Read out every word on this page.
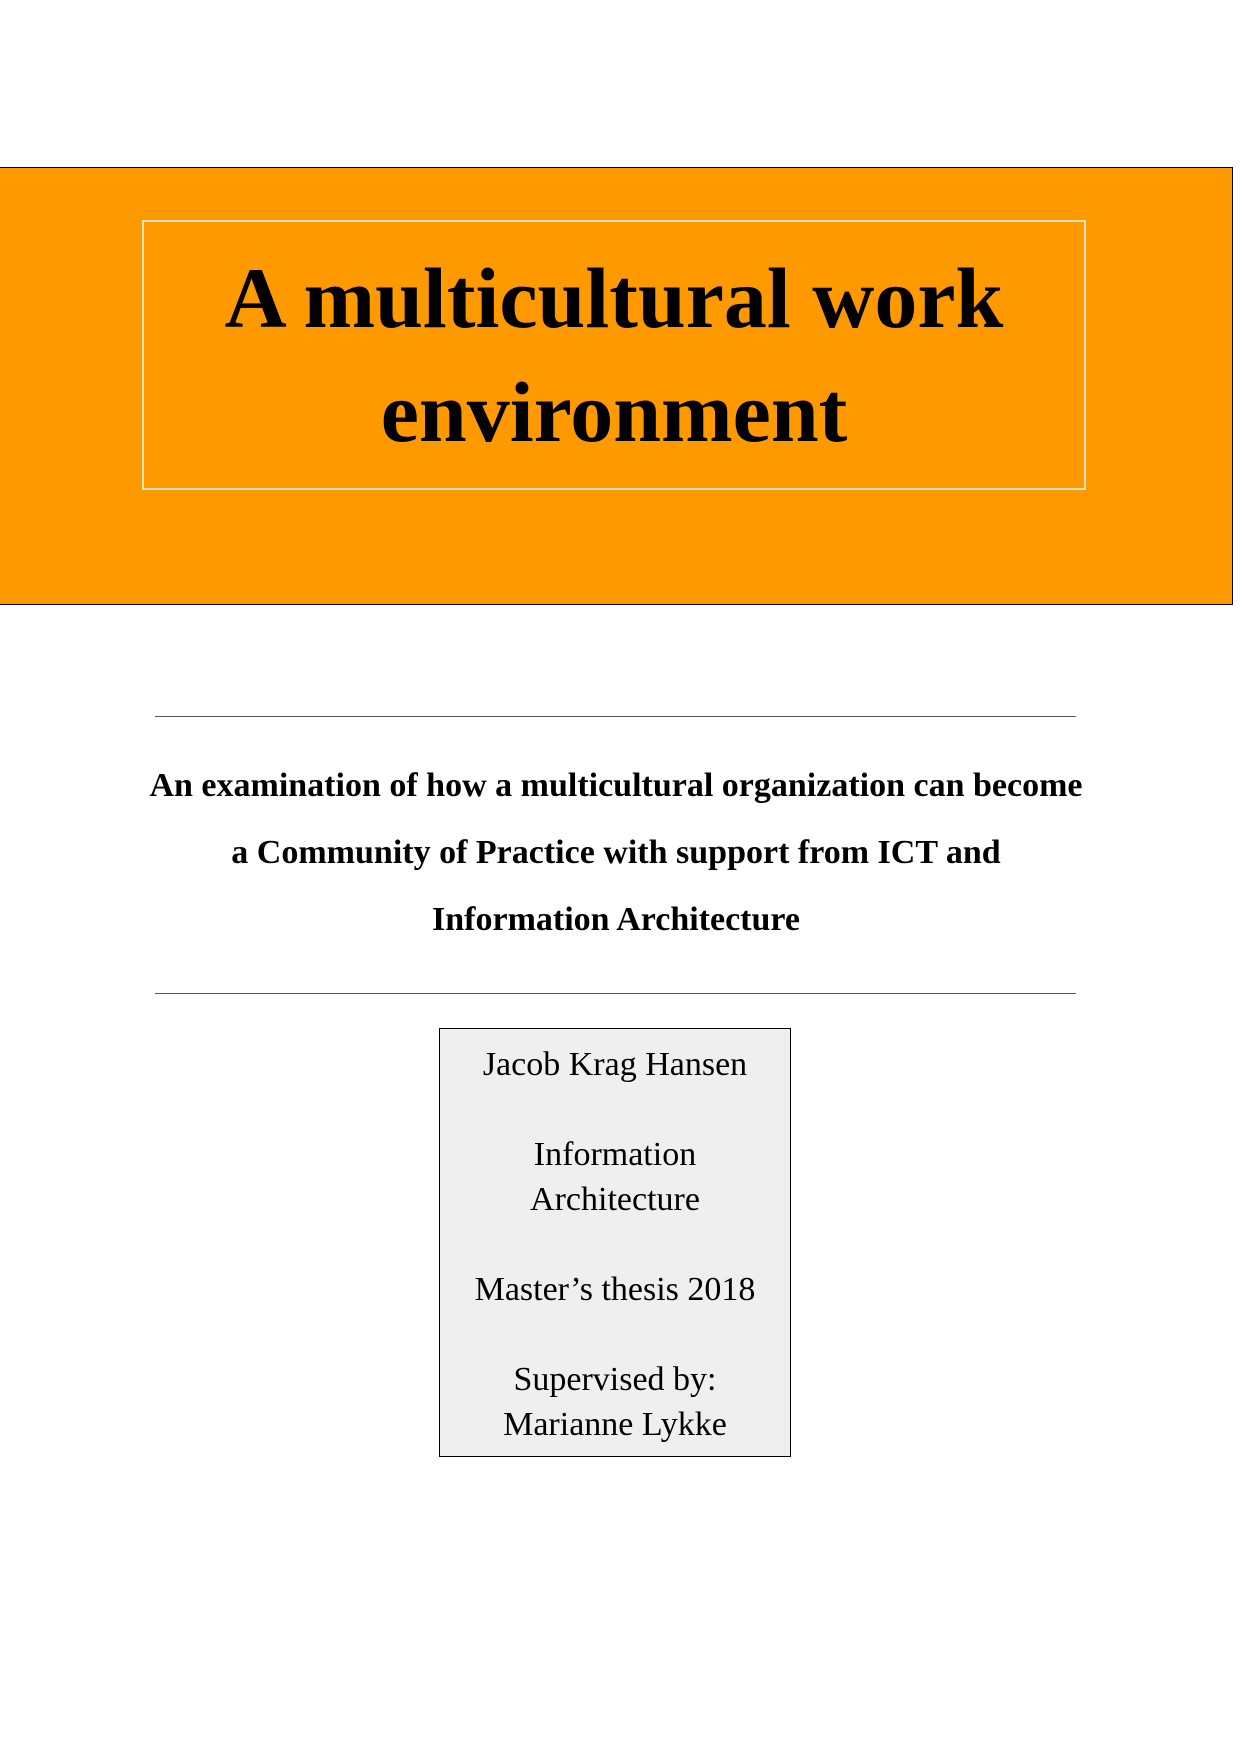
A multicultural work environment

An examination of how a multicultural organization can become a Community of Practice with support from ICT and Information Architecture

Jacob Krag Hansen

Information
Architecture

Master’s thesis 2018

Supervised by:
Marianne Lykke
